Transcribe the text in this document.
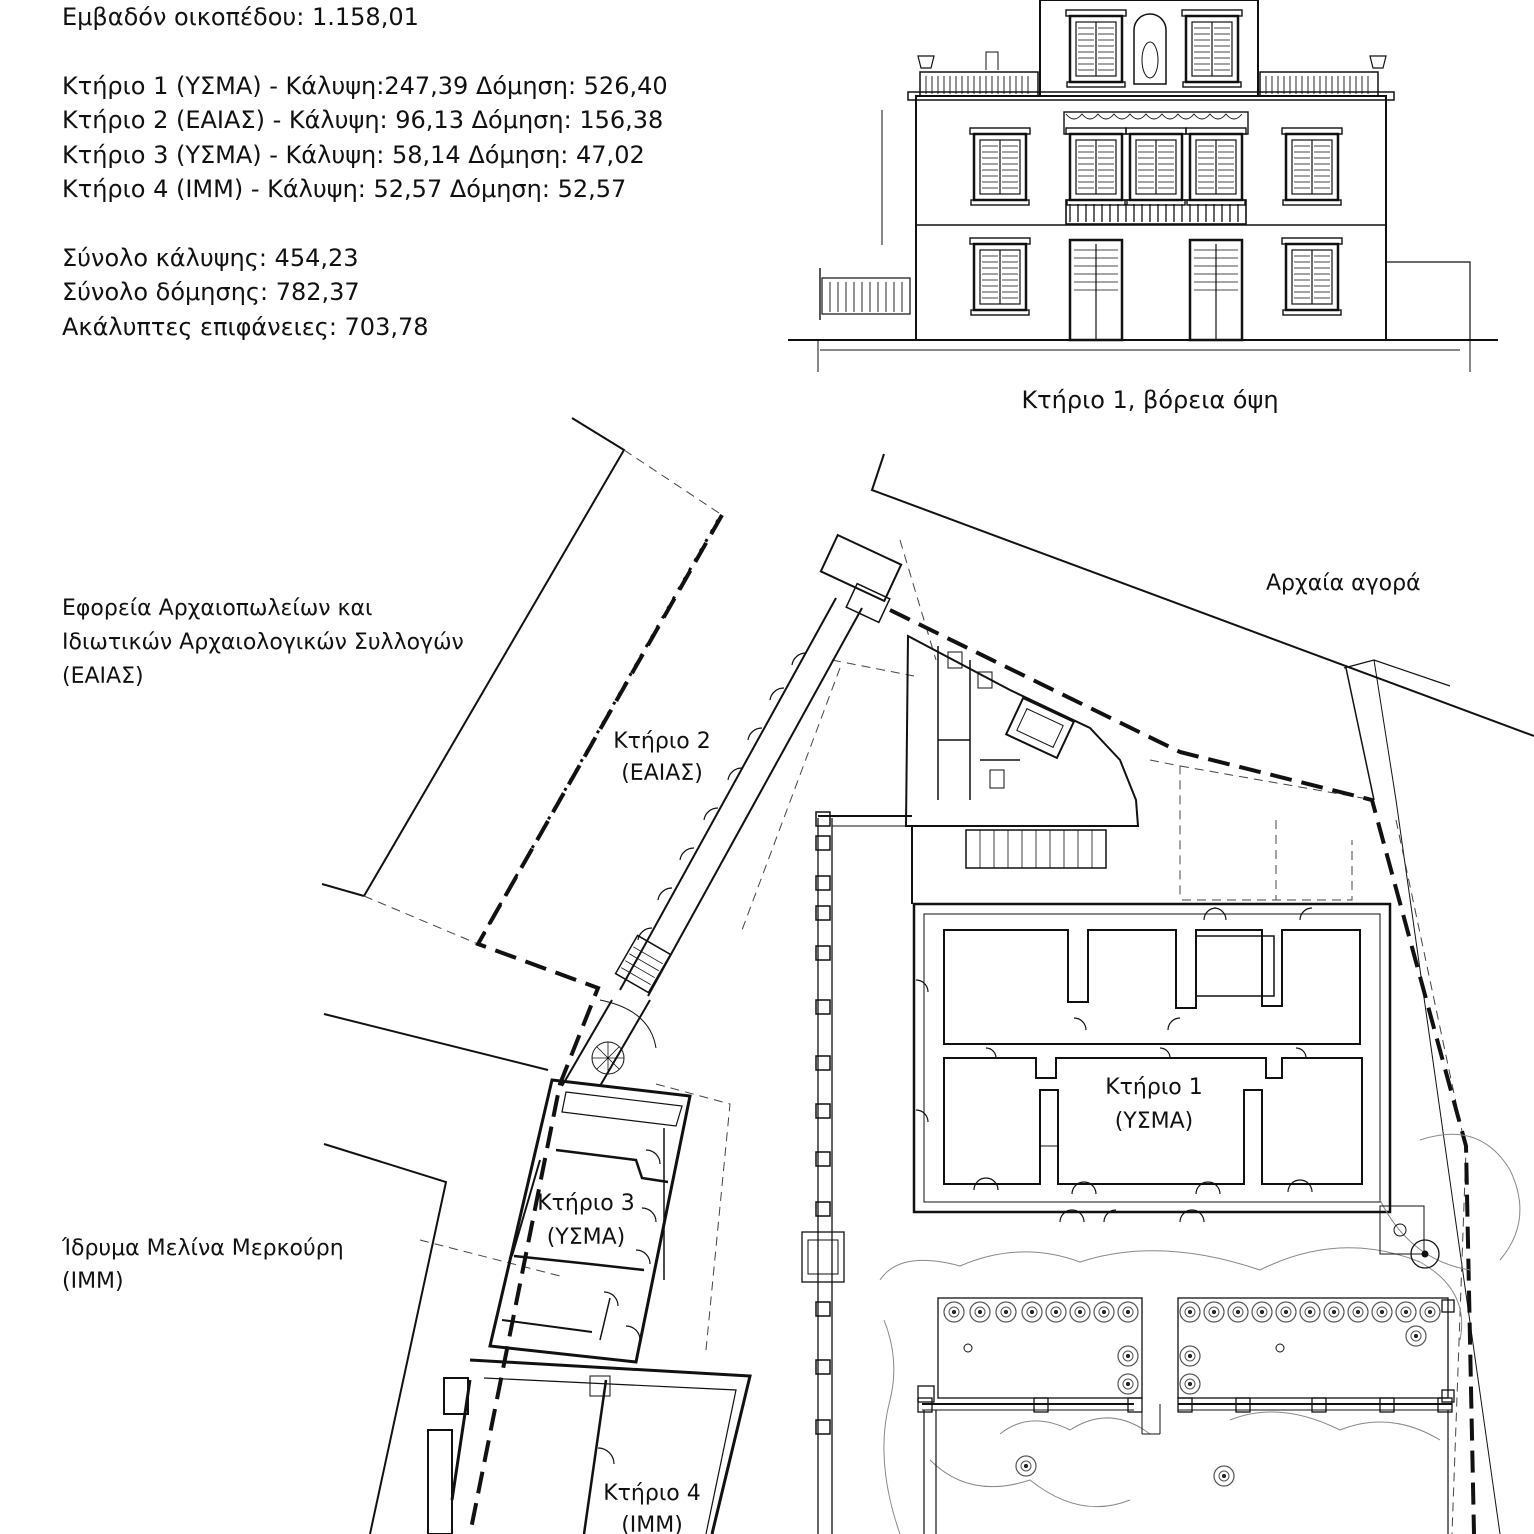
Εμβαδόν οικοπέδου: 1.158,01
Κτήριο 1 (ΥΣΜΑ) - Κάλυψη:247,39 Δόμηση: 526,40
Κτήριο 2 (ΕΑΙΑΣ) - Κάλυψη: 96,13 Δόμηση: 156,38
Κτήριο 3 (ΥΣΜΑ) - Κάλυψη: 58,14 Δόμηση: 47,02
Κτήριο 4 (ΙΜΜ) - Κάλυψη: 52,57 Δόμηση: 52,57
Σύνολο κάλυψης: 454,23
Σύνολο δόμησης: 782,37
Ακάλυπτες επιφάνειες: 703,78
Κτήριο 1, βόρεια όψη
Αρχαία αγορά
Κτήριο 2
(ΕΑΙΑΣ)
Κτήριο 1
(ΥΣΜΑ)
Κτήριο 3
(ΥΣΜΑ)
Κτήριο 4
(ΙΜΜ)
Εφορεία Αρχαιοπωλείων και
Ιδιωτικών Αρχαιολογικών Συλλογών
(ΕΑΙΑΣ)
Ίδρυμα Μελίνα Μερκούρη
(ΙΜΜ)
